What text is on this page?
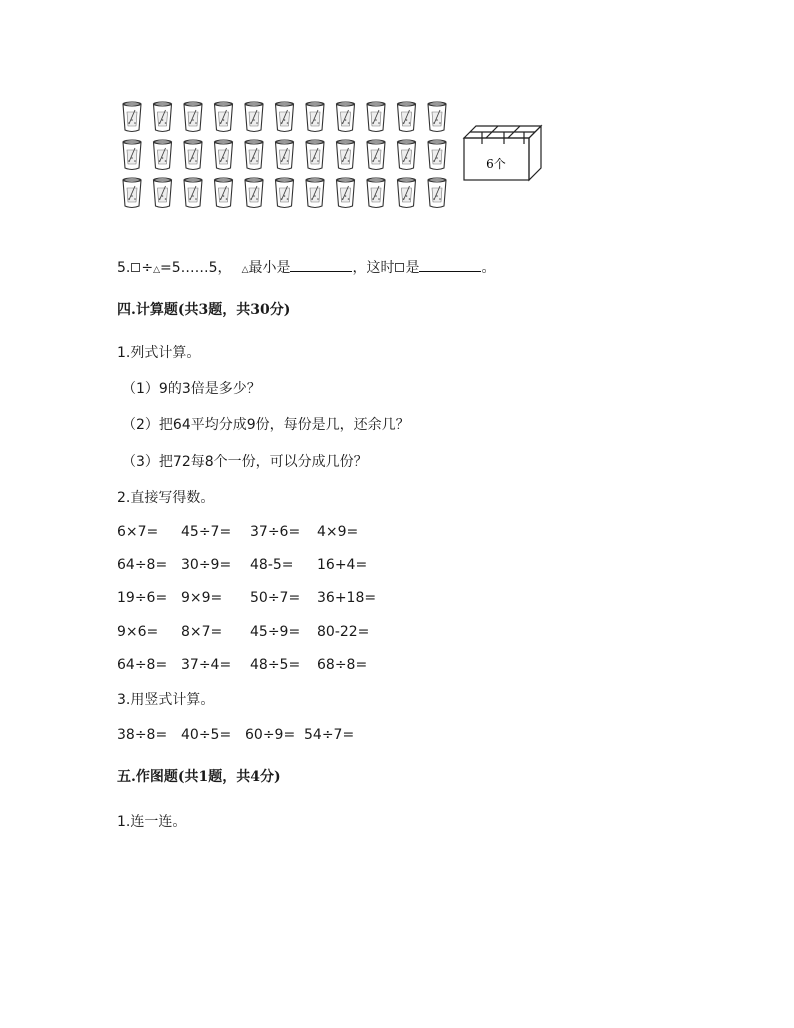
6个
5. ÷△=5……5， △最小是	，这时 是	。
四.计算题(共3题，共30分)
1.列式计算。
（1）9的3倍是多少？
（2）把64平均分成9份，每份是几，还余几？
（3）把72每8个一份，可以分成几份？
2.直接写得数。
6×7= 45÷7= 37÷6= 4×9=
64÷8= 30÷9= 48-5= 16+4=
19÷6= 9×9= 50÷7= 36+18=
9×6= 8×7= 45÷9= 80-22=
64÷8= 37÷4= 48÷5= 68÷8=
3.用竖式计算。
38÷8= 40÷5= 60÷9= 54÷7=
五.作图题(共1题，共4分)
1.连一连。
